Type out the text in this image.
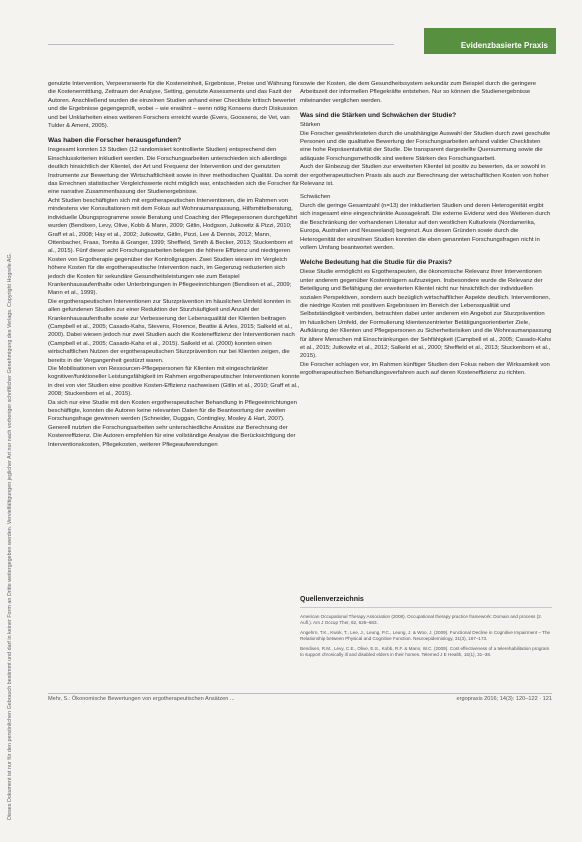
Dieses Dokument ist nur für den persönlichen Gebrauch bestimmt und darf in keiner Form an Dritte weitergegeben werden. Vervielfältigungen jeglicher Art nur nach vorheriger schriftlicher Genehmigung des Verlags. Copyright Hogrefe AG.
Evidenzbasierte Praxis

genutzte Intervention, Verpeersrwerte für die Kosteneinheit, Ergebnisse, Preise und Währung für die Kostenermittlung, Zeitraum der Analyse, Setting, genutzte Assessments und das Fazit der Autoren. Anschließend wurden die einzelnen Studien anhand einer Checkliste kritisch bewertet und die Ergebnisse gegengeprüft, wobei – wie erwähnt – wenn nötig Konsens durch Diskussion und bei Unklarheiten eines weiteren Forschers erreicht wurde (Evers, Goossens, de Vet, van Tulder & Ament, 2005).

Was haben die Forscher herausgefunden?

Insgesamt konnten 13 Studien (12 randomisiert kontrollierte Studien) entsprechend den Einschlusskriterien inkludiert werden. Die Forschungsarbeiten unterschieden sich allerdings deutlich hinsichtlich der Klientel, der Art und Frequenz der Intervention und der genutzten Instrumente zur Bewertung der Wirtschaftlichkeit sowie in ihrer methodischen Qualität. Da somit das Errechnen statistischer Vergleichswerte nicht möglich war, entschieden sich die Forscher für eine narrative Zusammenfassung der Studienergebnisse.

Acht Studien beschäftigten sich mit ergotherapeutischen Interventionen, die im Rahmen von mindestens vier Konsultationen mit dem Fokus auf Wohnraumanpassung, Hilfsmittelberatung, individuelle Übungsprogramme sowie Beratung und Coaching der Pflegepersonen durchgeführt wurden (Bendixen, Levy, Olive, Kobb & Mann, 2009; Gitlin, Hodgson, Jutkowitz & Pizzi, 2010; Graff et al., 2008; Hay et al., 2002; Jutkowitz, Gitlin, Pizzi, Lee & Dennis, 2012; Mann, Ottenbacher, Fraas, Tomita & Granger, 1999; Sheffield, Smith & Becker, 2013; Stuckenborn et al., 2015). Fünf dieser acht Forschungsarbeiten belegen die höhere Effizienz und niedrigeren Kosten von Ergotherapie gegenüber der Kontrollgruppen. Zwei Studien wiesen im Vergleich höhere Kosten für die ergotherapeutische Intervention nach, im Gegenzug reduzierten sich jedoch die Kosten für sekundäre Gesundheitsleistungen wie zum Beispiel Krankenhausaufenthalte oder Unterbringungen in Pflegeeinrichtungen (Bendixen et al., 2009; Mann et al., 1999).

Die ergotherapeutischen Interventionen zur Sturzprävention im häuslichen Umfeld konnten in allen gefundenen Studien zur einer Reduktion der Sturzhäufigkeit und Anzahl der Krankenhausaufenthalte sowie zur Verbesserung der Lebensqualität der Klienten beitragen (Campbell et al., 2005; Casado-Kahs, Stevens, Florence, Beattie & Arles, 2015; Salkeld et al., 2000). Dabei wiesen jedoch nur zwei Studien auch die Kosteneffizienz der Interventionen nach (Campbell et al., 2005; Casado-Kahs et al., 2015). Salkeld et al. (2000) konnten einen wirtschaftlichen Nutzen der ergotherapeutischen Sturzprävention nur bei Klienten zeigen, die bereits in der Vergangenheit gestürzt waren.

Die Mobilisationen von Ressourcen-Pflegepersonen für Klienten mit eingeschränkter kognitiver/funktioneller Leistungsfähigkeit im Rahmen ergotherapeutischer Interventionen konnte in drei von vier Studien eine positive Kosten-Effizienz nachweisen (Gitlin et al., 2010; Graff et al., 2008; Stuckenborn et al., 2015).

Da sich nur eine Studie mit den Kosten ergotherapeutischer Behandlung in Pflegeeinrichtungen beschäftigte, konnten die Autoren keine relevanten Daten für die Beantwortung der zweiten Forschungsfrage gewinnen werden (Schneider, Duggan, Contingley, Mosley & Hart, 2007).

Generell nutzten die Forschungsarbeiten sehr unterschiedliche Ansätze zur Berechnung der Kostenreffizienz. Die Autoren empfehlen für eine vollständige Analyse die Berücksichtigung der Interventionskosten, Pflegekosten, weiterer Pflegeaufwendungen

sowie der Kosten, die dem Gesundheitssystem sekundär zum Beispiel durch die geringere Arbeitszeit der informellen Pflegekräfte entstehen. Nur so können die Studienergebnisse miteinander verglichen werden.

Was sind die Stärken und Schwächen der Studie?

Stärken

Die Forscher gewährleisteten durch die unabhängige Auswahl der Studien durch zwei geschulte Personen und die qualitative Bewertung der Forschungsarbeiten anhand valider Checklisten eine hohe Repräsentativität der Studie. Die transparent dargestellte Quersummung sowie die adäquate Forschungsmethodik sind weitere Stärken des Forschungsarbeit.

Auch der Einbezug der Studien zur erweiterten Klientel ist positiv zu bewerten, da er sowohl in der ergotherapeutischen Praxis als auch zur Berechnung der wirtschaftlichen Kosten von hoher Relevanz ist.

Schwächen

Durch die geringe Gesamtzahl (n=13) der inkludierten Studien und deren Heterogenität ergibt sich insgesamt eine eingeschränkte Aussagekraft. Die externe Evidenz wird des Weiteren durch die Beschränkung der vorhandenen Literatur auf den westlichen Kulturkreis (Nordamerika, Europa, Australien und Neuseeland) begrenzt. Aus diesen Gründen sowie durch die Heterogenität der einzelnen Studien konnten die eben genannten Forschungsfragen nicht in vollem Umfang beantwortet werden.

Welche Bedeutung hat die Studie für die Praxis?

Diese Studie ermöglicht es Ergotherapeuten, die ökonomische Relevanz ihrer Interventionen unter anderem gegenüber Kostenträgern aufzuzeigen. Insbesondere wurde die Relevanz der Beteiligung und Befähigung der erweiterten Klientel nicht nur hinsichtlich der individuellen sozialen Perspektiven, sondern auch bezüglich wirtschaftlicher Aspekte deutlich. Interventionen, die niedrige Kosten mit positiven Ergebnissen im Bereich der Lebensqualität und Selbstständigkeit verbinden, betrachten dabei unter anderem ein Angebot zur Sturzprävention im häuslichen Umfeld, der Formulierung klientenzentrierter Betätigungsorientierter Ziele, Aufklärung der Klienten und Pflegepersonen zu Sicherheitsrisiken und die Wohnraumanpassung für ältere Menschen mit Einschränkungen der Sehfähigkeit (Campbell et al., 2005; Casado-Kahs et al., 2015; Jutkowitz et al., 2012; Salkeld et al., 2000; Sheffield et al., 2013; Stuckenborn et al., 2015).

Die Forscher schlagen vor, im Rahmen künftiger Studien den Fokus neben der Wirksamkeit von ergotherapeutischen Behandlungsverfahren auch auf deren Kosteneffizienz zu richten.

Quellenverzeichnis

American Occupational Therapy Association (2008). Occupational therapy practice framework: Domain and process (2. Aufl.). Am J Occup Ther, 62, 625–683.

Angehrn, T.K., Kwok, T., Lee, J., Leung, P.C., Leung, J. & Woo, J. (2009). Functional Decline in Cognitive Impairment – The Relationship between Physical and Cognitive Function. Neuroepidemiology, 31(3), 167–173.

Bendixen, R.M., Levy, C.E., Olive, E.S., Kobb, R.F. & Mann, W.C. (2009). Cost effectiveness of a telerehabilitation program to support chronically ill and disabled elders in their homes. Telemed J E Health, 15(1), 31–38.

Mehr, S.: Ökonomische Bewertungen von ergotherapeutischen Ansätzen ...	ergopraxis 2016; 14(3): 120–122 · 121
